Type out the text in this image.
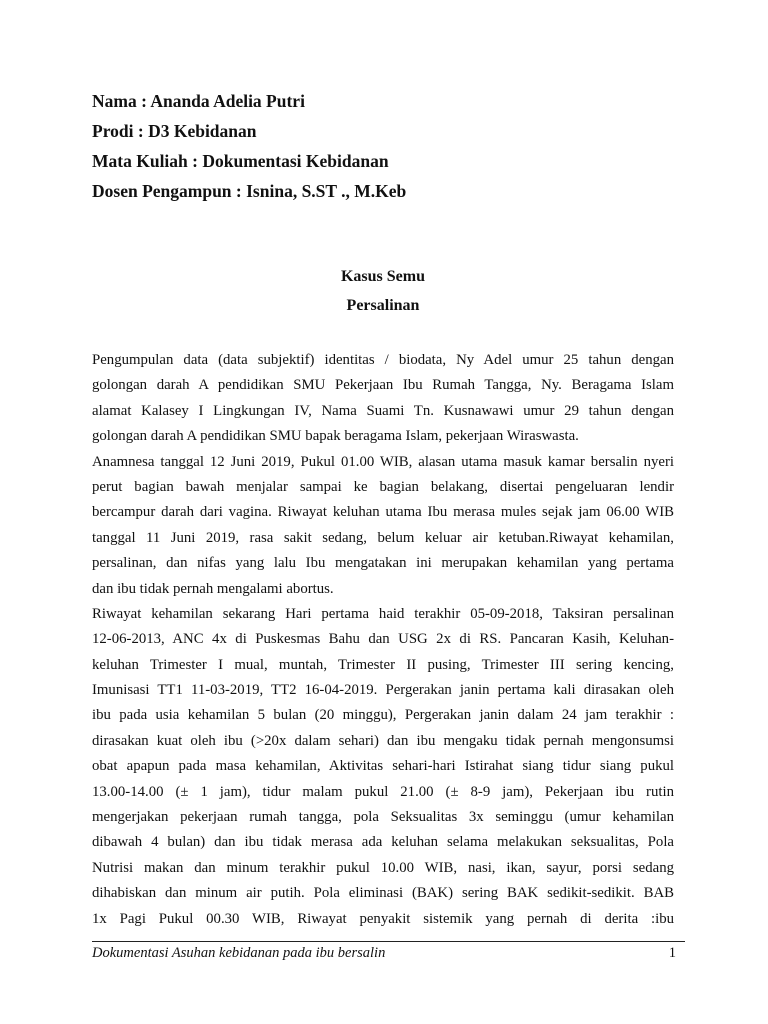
Nama : Ananda Adelia Putri
Prodi : D3 Kebidanan
Mata Kuliah : Dokumentasi Kebidanan
Dosen Pengampun : Isnina, S.ST ., M.Keb
Kasus Semu
Persalinan
Pengumpulan data (data subjektif) identitas / biodata, Ny Adel umur 25 tahun dengan
golongan darah A pendidikan SMU Pekerjaan Ibu Rumah Tangga, Ny. Beragama Islam
alamat Kalasey I Lingkungan IV, Nama Suami Tn. Kusnawawi umur 29 tahun dengan
golongan darah A pendidikan SMU bapak beragama Islam, pekerjaan Wiraswasta.
Anamnesa tanggal 12 Juni 2019, Pukul 01.00 WIB, alasan utama masuk kamar bersalin nyeri
perut bagian bawah menjalar sampai ke bagian belakang, disertai pengeluaran lendir
bercampur darah dari vagina. Riwayat keluhan utama Ibu merasa mules sejak jam 06.00 WIB
tanggal 11 Juni 2019, rasa sakit sedang, belum keluar air ketuban.Riwayat kehamilan,
persalinan, dan nifas yang lalu Ibu mengatakan ini merupakan kehamilan yang pertama
dan ibu tidak pernah mengalami abortus.
Riwayat kehamilan sekarang Hari pertama haid terakhir 05-09-2018, Taksiran persalinan
12-06-2013, ANC 4x di Puskesmas Bahu dan USG 2x di RS. Pancaran Kasih, Keluhan-
keluhan Trimester I mual, muntah, Trimester II pusing, Trimester III sering kencing,
Imunisasi TT1 11-03-2019, TT2 16-04-2019. Pergerakan janin pertama kali dirasakan oleh
ibu pada usia kehamilan 5 bulan (20 minggu), Pergerakan janin dalam 24 jam terakhir :
dirasakan kuat oleh ibu (>20x dalam sehari) dan ibu mengaku tidak pernah mengonsumsi
obat apapun pada masa kehamilan, Aktivitas sehari-hari Istirahat siang tidur siang pukul
13.00-14.00 (± 1 jam), tidur malam pukul 21.00 (± 8-9 jam), Pekerjaan ibu rutin
mengerjakan pekerjaan rumah tangga, pola Seksualitas 3x seminggu (umur kehamilan
dibawah 4 bulan) dan ibu tidak merasa ada keluhan selama melakukan seksualitas, Pola
Nutrisi makan dan minum terakhir pukul 10.00 WIB, nasi, ikan, sayur, porsi sedang
dihabiskan dan minum air putih. Pola eliminasi (BAK) sering BAK sedikit-sedikit. BAB
1x Pagi Pukul 00.30 WIB, Riwayat penyakit sistemik yang pernah di derita :ibu
Dokumentasi Asuhan kebidanan pada ibu bersalin	1
